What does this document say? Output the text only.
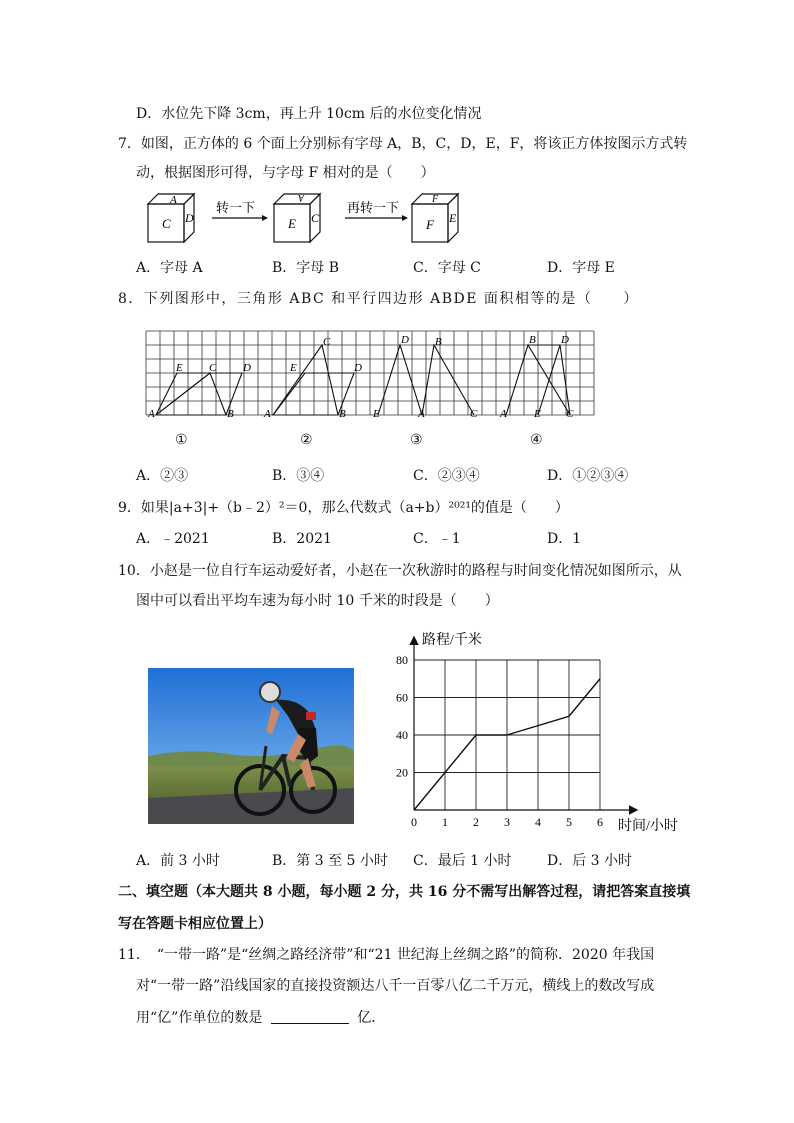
D．水位先下降 3cm，再上升 10cm 后的水位变化情况
7．如图，正方体的 6 个面上分别标有字母 A，B，C，D，E，F，将该正方体按图示方式转
动，根据图形可得，与字母 F 相对的是（　　）
A
C D
转一下
A
E C
再转一下
F
F E
A．字母 A	B．字母 B	C．字母 C	D．字母 E
8．下列图形中，三角形 ABC 和平行四边形 ABDE 面积相等的是（　　）
A
E C D
B	A
E
C
D
B E
D
A
B
C A
B D
E C
①	②	③	④
A．②③	B．③④	C．②③④	D．①②③④
9．如果|a+3|+（b﹣2）²＝0，那么代数式（a+b）²⁰²¹的值是（　　）
A．﹣2021	B．2021	C．﹣1	D．1
10．小赵是一位自行车运动爱好者，小赵在一次秋游时的路程与时间变化情况如图所示，从
图中可以看出平均车速为每小时 10 千米的时段是（　　）
0 1 2 3 4 5 6
20
40
60
80
路程/千米
时间/小时
A．前 3 小时	B．第 3 至 5 小时 C．最后 1 小时	D．后 3 小时
二、填空题（本大题共 8 小题，每小题 2 分，共 16 分不需写出解答过程，请把答案直接填
写在答题卡相应位置上）
11．　“一带一路”是“丝绸之路经济带”和“21 世纪海上丝绸之路”的简称．2020 年我国
对“一带一路”沿线国家的直接投资额达八千一百零八亿二千万元，横线上的数改写成
用“亿”作单位的数是	亿．
